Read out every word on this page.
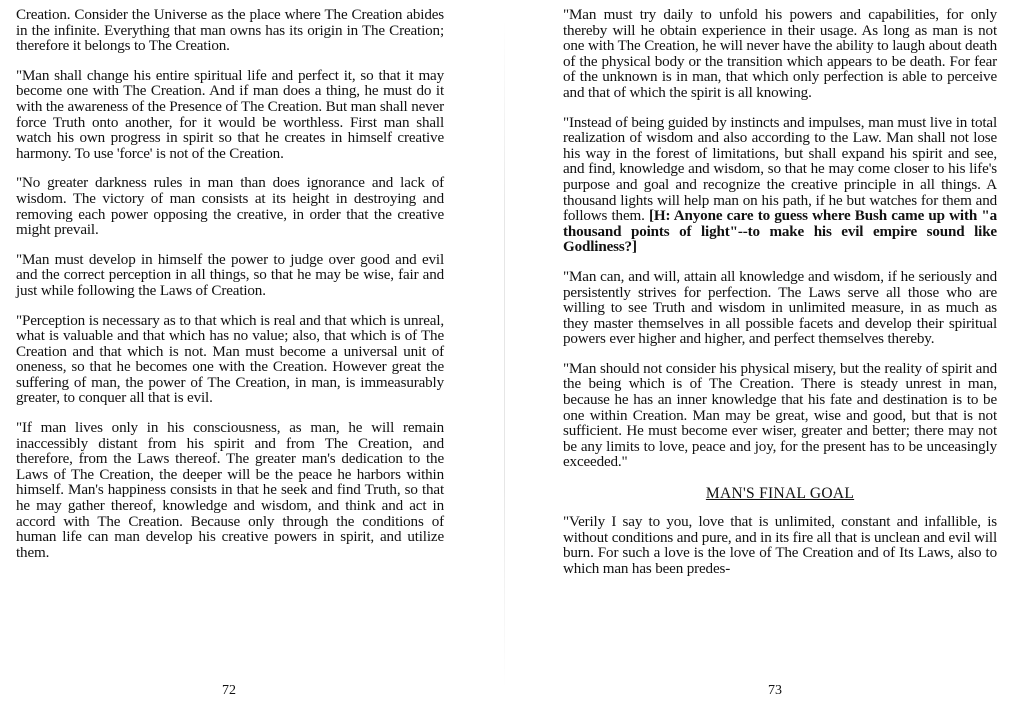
Creation. Consider the Universe as the place where The Creation abides in the infinite. Everything that man owns has its origin in The Creation; therefore it belongs to The Creation.

"Man shall change his entire spiritual life and perfect it, so that it may become one with The Creation. And if man does a thing, he must do it with the awareness of the Presence of The Creation. But man shall never force Truth onto another, for it would be worthless. First man shall watch his own progress in spirit so that he creates in himself creative harmony. To use 'force' is not of the Creation.

"No greater darkness rules in man than does ignorance and lack of wisdom. The victory of man consists at its height in destroying and removing each power opposing the creative, in order that the creative might prevail.

"Man must develop in himself the power to judge over good and evil and the correct perception in all things, so that he may be wise, fair and just while following the Laws of Creation.

"Perception is necessary as to that which is real and that which is unreal, what is valuable and that which has no value; also, that which is of The Creation and that which is not. Man must become a universal unit of oneness, so that he becomes one with the Creation. However great the suffering of man, the power of The Creation, in man, is immeasurably greater, to conquer all that is evil.

"If man lives only in his consciousness, as man, he will remain inaccessibly distant from his spirit and from The Creation, and therefore, from the Laws thereof. The greater man's dedication to the Laws of The Creation, the deeper will be the peace he harbors within himself. Man's happiness consists in that he seek and find Truth, so that he may gather thereof, knowledge and wisdom, and think and act in accord with The Creation. Because only through the conditions of human life can man develop his creative powers in spirit, and utilize them.

72

"Man must try daily to unfold his powers and capabilities, for only thereby will he obtain experience in their usage. As long as man is not one with The Creation, he will never have the ability to laugh about death of the physical body or the transition which appears to be death. For fear of the unknown is in man, that which only perfection is able to perceive and that of which the spirit is all knowing.

"Instead of being guided by instincts and impulses, man must live in total realization of wisdom and also according to the Law. Man shall not lose his way in the forest of limitations, but shall expand his spirit and see, and find, knowledge and wisdom, so that he may come closer to his life's purpose and goal and recognize the creative principle in all things. A thousand lights will help man on his path, if he but watches for them and follows them. [H: Anyone care to guess where Bush came up with "a thousand points of light"--to make his evil empire sound like Godliness?]

"Man can, and will, attain all knowledge and wisdom, if he seriously and persistently strives for perfection. The Laws serve all those who are willing to see Truth and wisdom in unlimited measure, in as much as they master themselves in all possible facets and develop their spiritual powers ever higher and higher, and perfect themselves thereby.

"Man should not consider his physical misery, but the reality of spirit and the being which is of The Creation. There is steady unrest in man, because he has an inner knowledge that his fate and destination is to be one within Creation. Man may be great, wise and good, but that is not sufficient. He must become ever wiser, greater and better; there may not be any limits to love, peace and joy, for the present has to be unceasingly exceeded."

MAN'S FINAL GOAL

"Verily I say to you, love that is unlimited, constant and infallible, is without conditions and pure, and in its fire all that is unclean and evil will burn. For such a love is the love of The Creation and of Its Laws, also to which man has been predes-

73
